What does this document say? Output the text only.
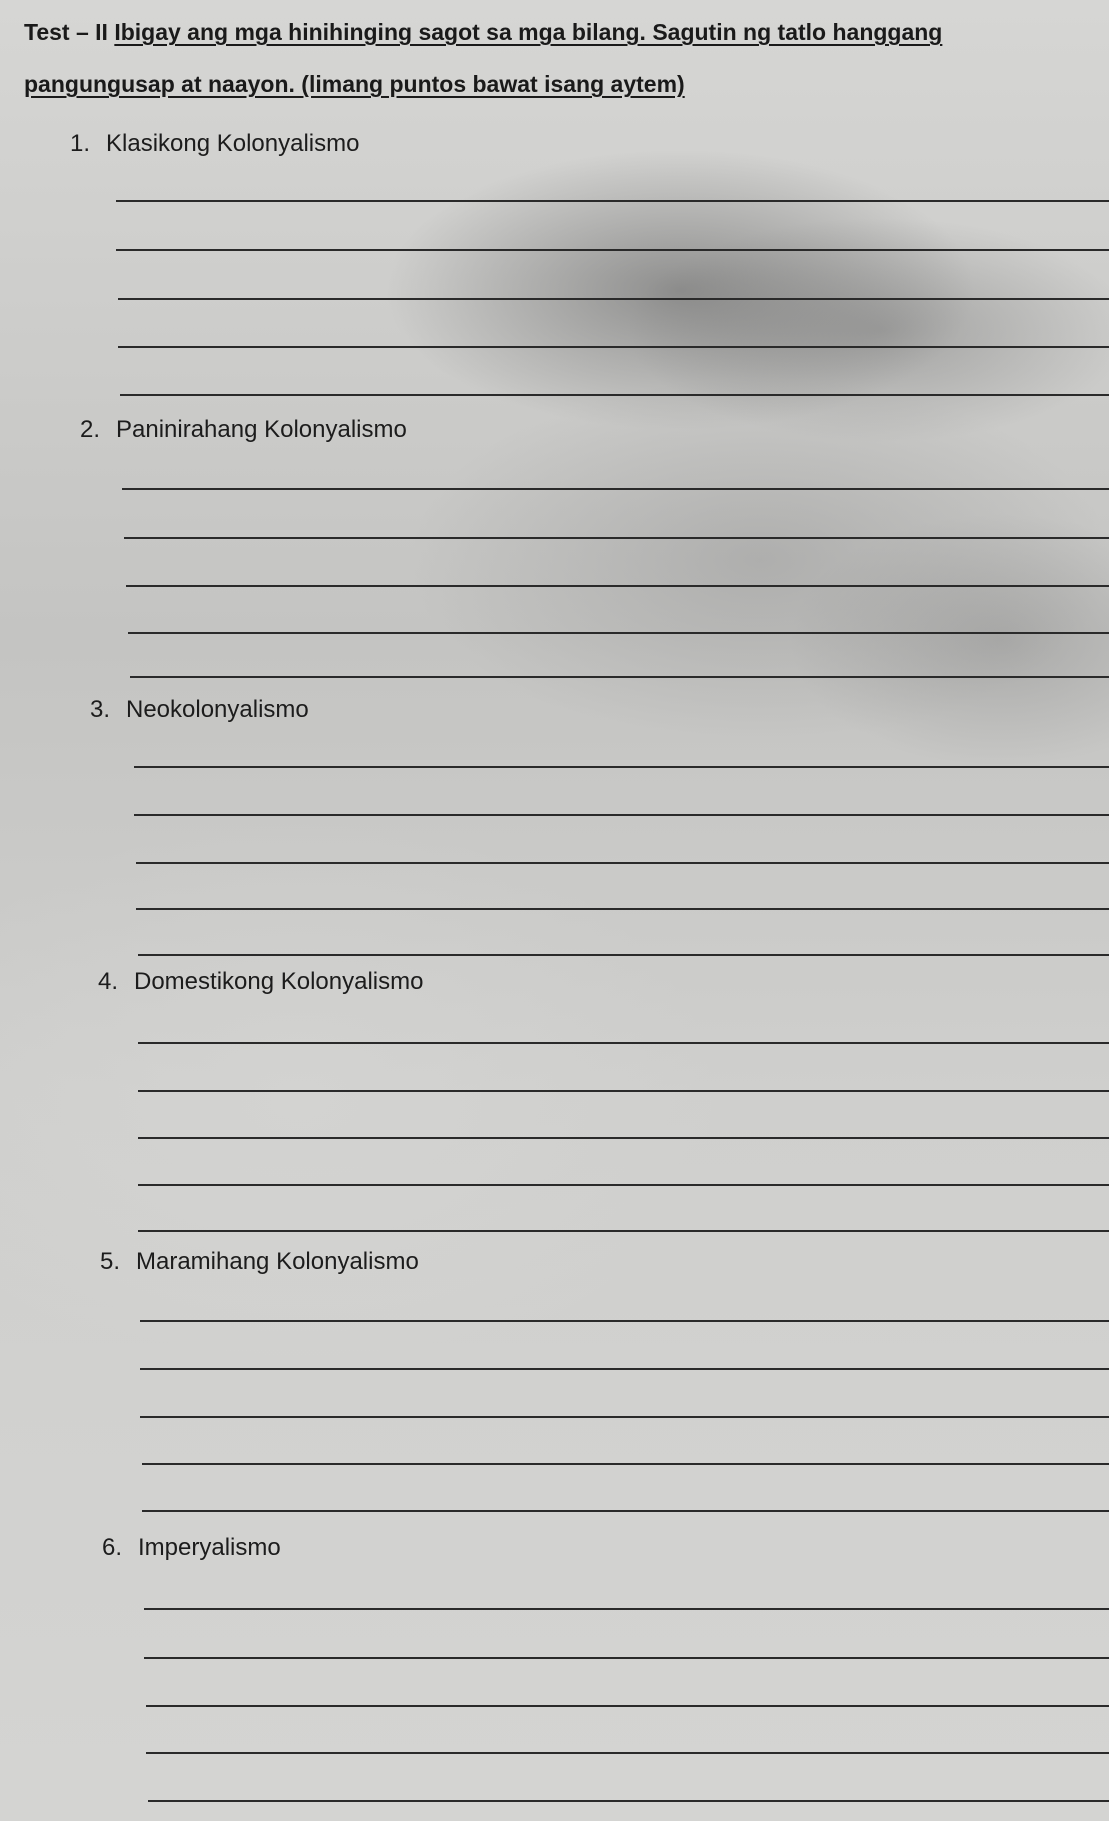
Test – II Ibigay ang mga hinihinging sagot sa mga bilang. Sagutin ng tatlo hanggang
pangungusap at naayon. (limang puntos bawat isang aytem)
1. Klasikong Kolonyalismo
2. Paninirahang Kolonyalismo
3. Neokolonyalismo
4. Domestikong Kolonyalismo
5. Maramihang Kolonyalismo
6. Imperyalismo
